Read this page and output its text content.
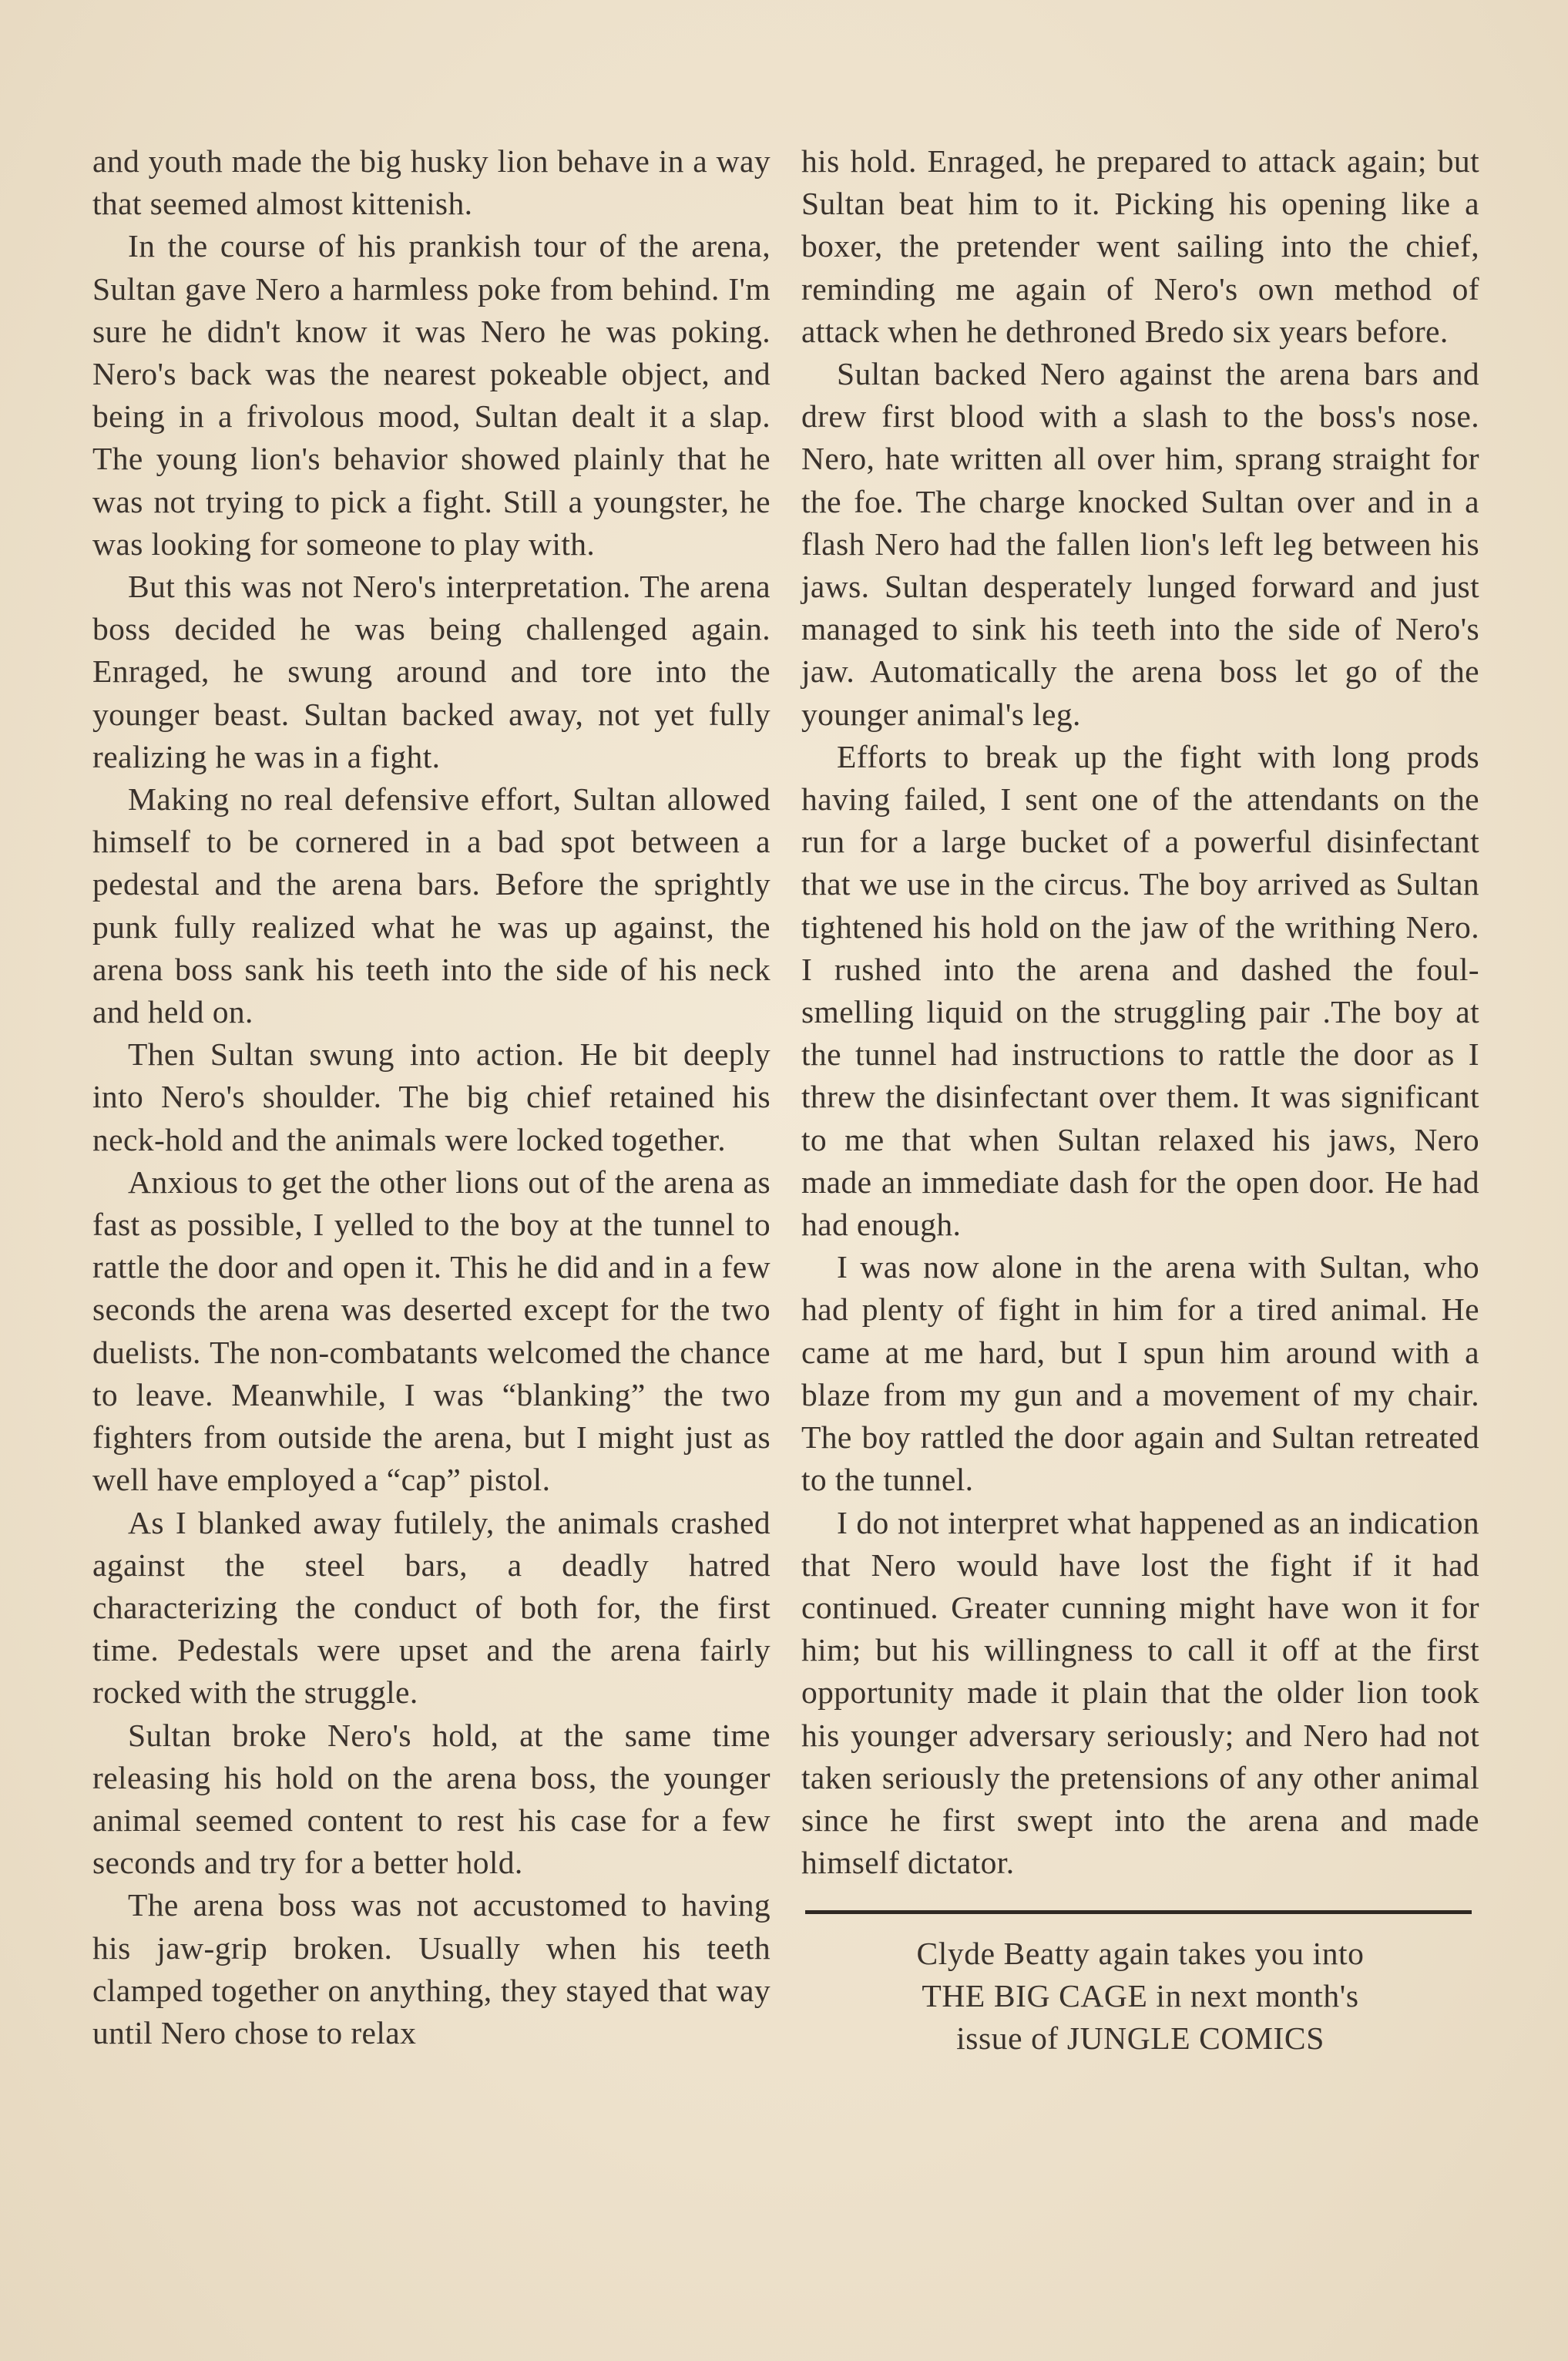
and youth made the big husky lion behave in a way that seemed almost kittenish.

In the course of his prankish tour of the arena, Sultan gave Nero a harmless poke from behind. I'm sure he didn't know it was Nero he was poking. Nero's back was the nearest pokeable object, and being in a frivolous mood, Sultan dealt it a slap. The young lion's behavior showed plainly that he was not trying to pick a fight. Still a youngster, he was looking for someone to play with.

But this was not Nero's interpretation. The arena boss decided he was being challenged again. Enraged, he swung around and tore into the younger beast. Sultan backed away, not yet fully realizing he was in a fight.

Making no real defensive effort, Sultan allowed himself to be cornered in a bad spot between a pedestal and the arena bars. Before the sprightly punk fully realized what he was up against, the arena boss sank his teeth into the side of his neck and held on.

Then Sultan swung into action. He bit deeply into Nero's shoulder. The big chief retained his neck-hold and the animals were locked together.

Anxious to get the other lions out of the arena as fast as possible, I yelled to the boy at the tunnel to rattle the door and open it. This he did and in a few seconds the arena was deserted except for the two duelists. The non-combatants welcomed the chance to leave. Meanwhile, I was “blanking” the two fighters from outside the arena, but I might just as well have employed a “cap” pistol.

As I blanked away futilely, the animals crashed against the steel bars, a deadly hatred characterizing the conduct of both for, the first time. Pedestals were upset and the arena fairly rocked with the struggle.

Sultan broke Nero's hold, at the same time releasing his hold on the arena boss, the younger animal seemed content to rest his case for a few seconds and try for a better hold.

The arena boss was not accustomed to having his jaw-grip broken. Usually when his teeth clamped together on anything, they stayed that way until Nero chose to relax

his hold. Enraged, he prepared to attack again; but Sultan beat him to it. Picking his opening like a boxer, the pretender went sailing into the chief, reminding me again of Nero's own method of attack when he dethroned Bredo six years before.

Sultan backed Nero against the arena bars and drew first blood with a slash to the boss's nose. Nero, hate written all over him, sprang straight for the foe. The charge knocked Sultan over and in a flash Nero had the fallen lion's left leg between his jaws. Sultan desperately lunged forward and just managed to sink his teeth into the side of Nero's jaw. Automatically the arena boss let go of the younger animal's leg.

Efforts to break up the fight with long prods having failed, I sent one of the attendants on the run for a large bucket of a powerful disinfectant that we use in the circus. The boy arrived as Sultan tightened his hold on the jaw of the writhing Nero. I rushed into the arena and dashed the foul-smelling liquid on the struggling pair .The boy at the tunnel had instructions to rattle the door as I threw the disinfectant over them. It was significant to me that when Sultan relaxed his jaws, Nero made an immediate dash for the open door. He had had enough.

I was now alone in the arena with Sultan, who had plenty of fight in him for a tired animal. He came at me hard, but I spun him around with a blaze from my gun and a movement of my chair. The boy rattled the door again and Sultan retreated to the tunnel.

I do not interpret what happened as an indication that Nero would have lost the fight if it had continued. Greater cunning might have won it for him; but his willingness to call it off at the first opportunity made it plain that the older lion took his younger adversary seriously; and Nero had not taken seriously the pretensions of any other animal since he first swept into the arena and made himself dictator.

Clyde Beatty again takes you into
THE BIG CAGE in next month's
issue of JUNGLE COMICS
